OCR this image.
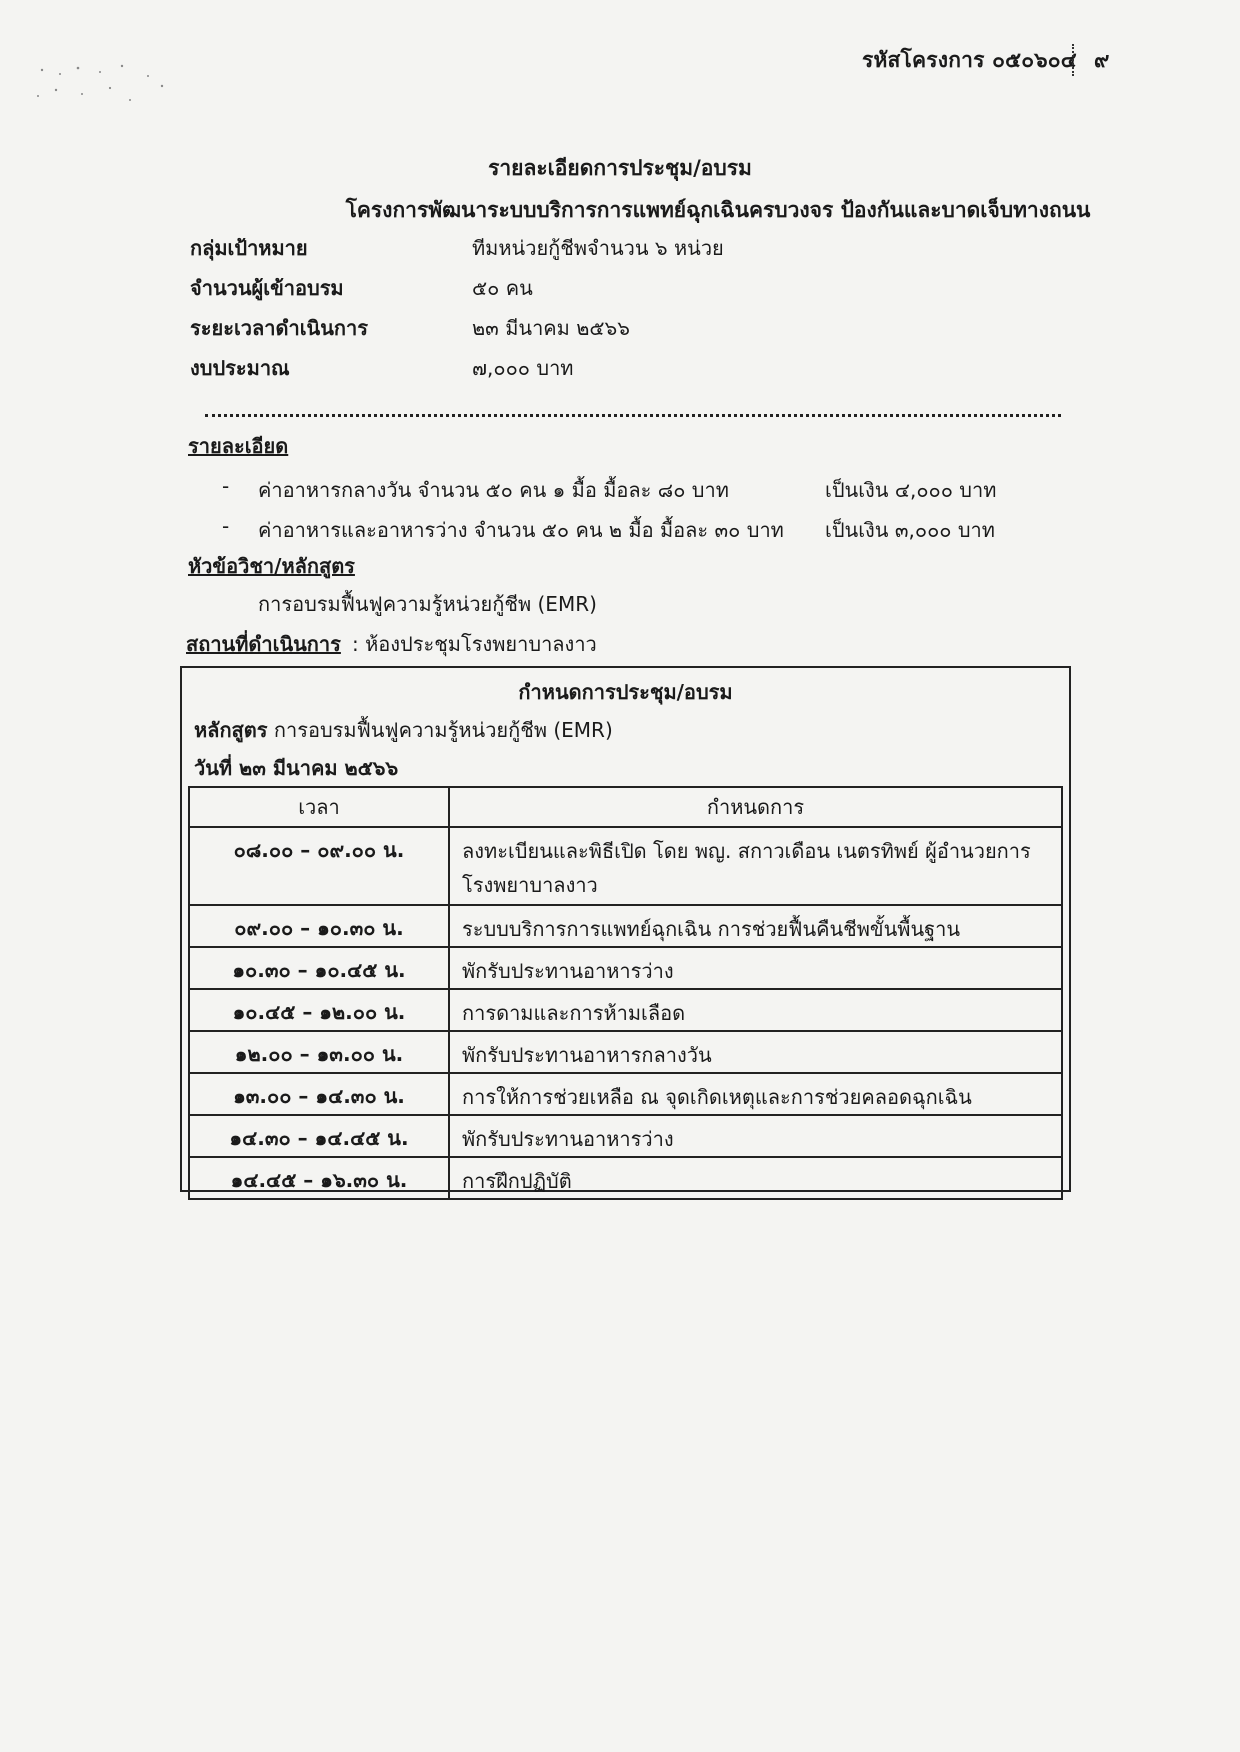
รหัสโครงการ ๐๕๐๖๐๔ ๙
รายละเอียดการประชุม/อบรม
โครงการพัฒนาระบบบริการการแพทย์ฉุกเฉินครบวงจร ป้องกันและบาดเจ็บทางถนน
กลุ่มเป้าหมาย	ทีมหน่วยกู้ชีพจำนวน ๖ หน่วย
จำนวนผู้เข้าอบรม	๕๐ คน
ระยะเวลาดำเนินการ	๒๓ มีนาคม ๒๕๖๖
งบประมาณ	๗,๐๐๐ บาท
รายละเอียด
- ค่าอาหารกลางวัน จำนวน ๕๐ คน ๑ มื้อ มื้อละ ๘๐ บาท	เป็นเงิน ๔,๐๐๐ บาท
- ค่าอาหารและอาหารว่าง จำนวน ๕๐ คน ๒ มื้อ มื้อละ ๓๐ บาท เป็นเงิน ๓,๐๐๐ บาท
หัวข้อวิชา/หลักสูตร
การอบรมฟื้นฟูความรู้หน่วยกู้ชีพ (EMR)
สถานที่ดำเนินการ : ห้องประชุมโรงพยาบาลงาว
กำหนดการประชุม/อบรม
หลักสูตร การอบรมฟื้นฟูความรู้หน่วยกู้ชีพ (EMR)
วันที่ ๒๓ มีนาคม ๒๕๖๖
เวลา	กำหนดการ
๐๘.๐๐ – ๐๙.๐๐ น.	ลงทะเบียนและพิธีเปิด โดย พญ. สกาวเดือน เนตรทิพย์ ผู้อำนวยการ
โรงพยาบาลงาว

๐๙.๐๐ – ๑๐.๓๐ น.	ระบบบริการการแพทย์ฉุกเฉิน การช่วยฟื้นคืนชีพขั้นพื้นฐาน
๑๐.๓๐ – ๑๐.๔๕ น.	พักรับประทานอาหารว่าง
๑๐.๔๕ – ๑๒.๐๐ น.	การดามและการห้ามเลือด
๑๒.๐๐ – ๑๓.๐๐ น.	พักรับประทานอาหารกลางวัน
๑๓.๐๐ – ๑๔.๓๐ น.	การให้การช่วยเหลือ ณ จุดเกิดเหตุและการช่วยคลอดฉุกเฉิน
๑๔.๓๐ – ๑๔.๔๕ น.	พักรับประทานอาหารว่าง
๑๔.๔๕ – ๑๖.๓๐ น.	การฝึกปฏิบัติ
